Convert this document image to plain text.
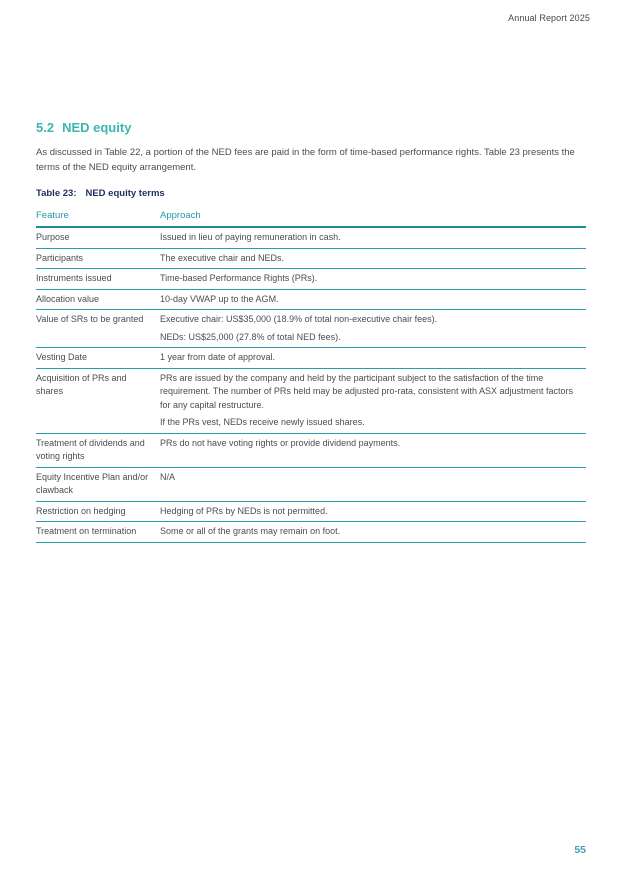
Annual Report 2025
5.2 NED equity

As discussed in Table 22, a portion of the NED fees are paid in the form of time-based performance rights. Table 23 presents the terms of the NED equity arrangement.

Table 23: NED equity terms
Feature	Approach
Purpose	Issued in lieu of paying remuneration in cash.

Participants	The executive chair and NEDs.

Instruments issued	Time-based Performance Rights (PRs).

Allocation value	10-day VWAP up to the AGM.

Value of SRs to be granted	Executive chair: US$35,000 (18.9% of total non-executive chair fees).

NEDs: US$25,000 (27.8% of total NED fees).

Vesting Date	1 year from date of approval.

Acquisition of PRs and shares	PRs are issued by the company and held by the participant subject to the satisfaction of the time requirement. The number of PRs held may be adjusted pro-rata, consistent with ASX adjustment factors for any capital restructure.

If the PRs vest, NEDs receive newly issued shares.

Treatment of dividends and voting rights	PRs do not have voting rights or provide dividend payments.

Equity Incentive Plan and/or clawback	N/A

Restriction on hedging	Hedging of PRs by NEDs is not permitted.

Treatment on termination	Some or all of the grants may remain on foot.

55
